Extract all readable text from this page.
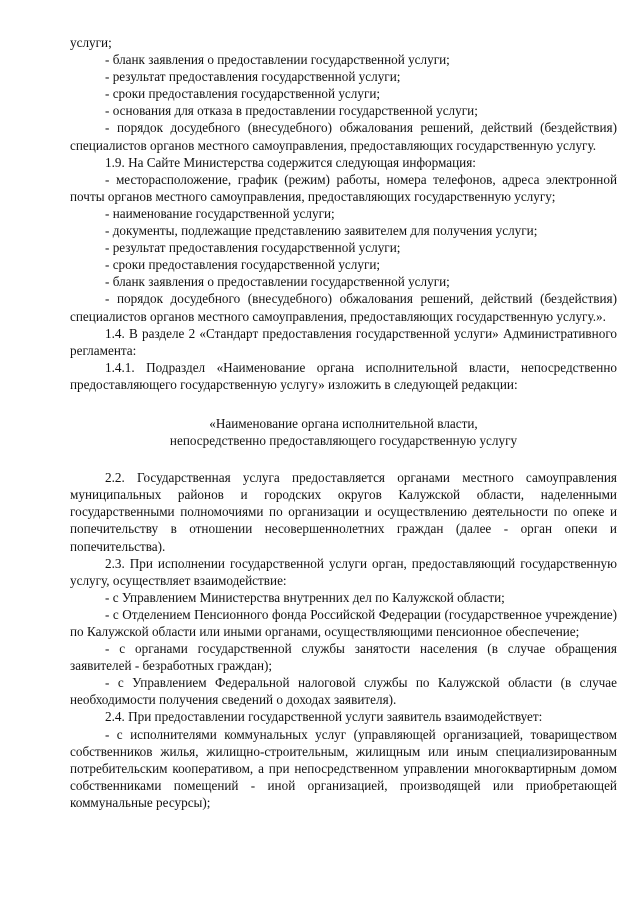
услуги;

- бланк заявления о предоставлении государственной услуги;

- результат предоставления государственной услуги;

- сроки предоставления государственной услуги;

- основания для отказа в предоставлении государственной услуги;

- порядок досудебного (внесудебного) обжалования решений, действий (бездействия) специалистов органов местного самоуправления, предоставляющих государственную услугу.

1.9. На Сайте Министерства содержится следующая информация:

- месторасположение, график (режим) работы, номера телефонов, адреса электронной почты органов местного самоуправления, предоставляющих государственную услугу;

- наименование государственной услуги;

- документы, подлежащие представлению заявителем для получения услуги;

- результат предоставления государственной услуги;

- сроки предоставления государственной услуги;

- бланк заявления о предоставлении государственной услуги;

- порядок досудебного (внесудебного) обжалования решений, действий (бездействия) специалистов органов местного самоуправления, предоставляющих государственную услугу.».

1.4. В разделе 2 «Стандарт предоставления государственной услуги» Административного регламента:

1.4.1. Подраздел «Наименование органа исполнительной власти, непосредственно предоставляющего государственную услугу» изложить в следующей редакции:

«Наименование органа исполнительной власти,

непосредственно предоставляющего государственную услугу

2.2. Государственная услуга предоставляется органами местного самоуправления муниципальных районов и городских округов Калужской области, наделенными государственными полномочиями по организации и осуществлению деятельности по опеке и попечительству в отношении несовершеннолетних граждан (далее - орган опеки и попечительства).

2.3. При исполнении государственной услуги орган, предоставляющий государственную услугу, осуществляет взаимодействие:

- с Управлением Министерства внутренних дел по Калужской области;

- с Отделением Пенсионного фонда Российской Федерации (государственное учреждение) по Калужской области или иными органами, осуществляющими пенсионное обеспечение;

- с органами государственной службы занятости населения (в случае обращения заявителей - безработных граждан);

- с Управлением Федеральной налоговой службы по Калужской области (в случае необходимости получения сведений о доходах заявителя).

2.4. При предоставлении государственной услуги заявитель взаимодействует:

- с исполнителями коммунальных услуг (управляющей организацией, товариществом собственников жилья, жилищно-строительным, жилищным или иным специализированным потребительским кооперативом, а при непосредственном управлении многоквартирным домом собственниками помещений - иной организацией, производящей или приобретающей коммунальные ресурсы);
